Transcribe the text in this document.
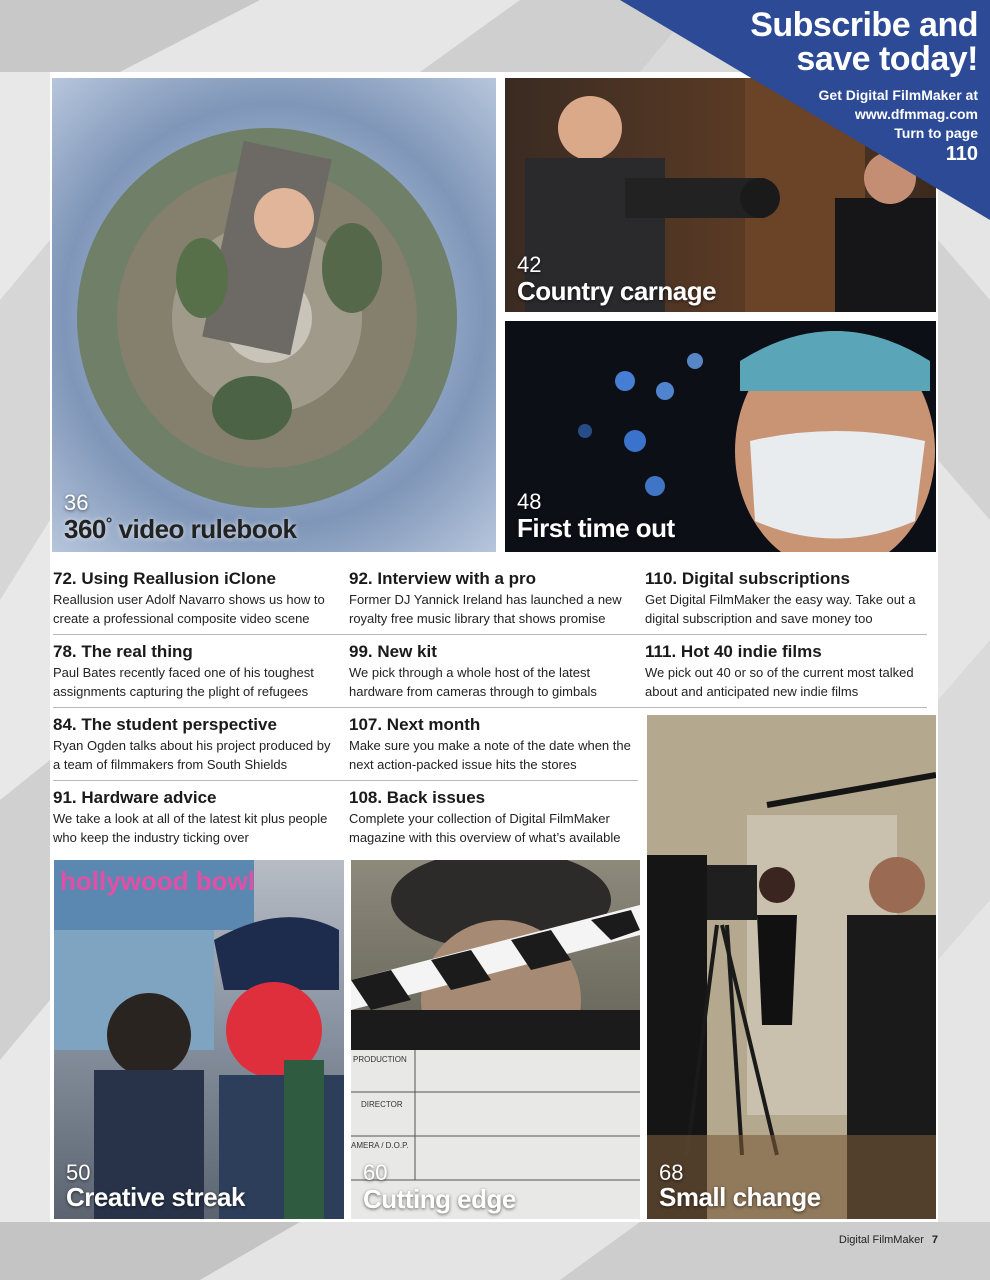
Subscribe and
save today!
Get Digital FilmMaker at
www.dfmmag.com
Turn to page
110
36
360° video rulebook
42
Country carnage
48
First time out
72. Using Reallusion iClone
Reallusion user Adolf Navarro shows us how to create a professional composite video scene
92. Interview with a pro
Former DJ Yannick Ireland has launched a new royalty free music library that shows promise
110. Digital subscriptions
Get Digital FilmMaker the easy way. Take out a digital subscription and save money too
78. The real thing
Paul Bates recently faced one of his toughest assignments capturing the plight of refugees
99. New kit
We pick through a whole host of the latest hardware from cameras through to gimbals
111. Hot 40 indie films
We pick out 40 or so of the current most talked about and anticipated new indie films
84. The student perspective
Ryan Ogden talks about his project produced by a team of filmmakers from South Shields
107. Next month
Make sure you make a note of the date when the next action-packed issue hits the stores
91. Hardware advice
We take a look at all of the latest kit plus people who keep the industry ticking over
108. Back issues
Complete your collection of Digital FilmMaker magazine with this overview of what’s available
hollywood bowl
50
Creative streak
PRODUCTION
DIRECTOR
AMERA / D.O.P.
60
Cutting edge
68
Small change
Digital FilmMaker 7
